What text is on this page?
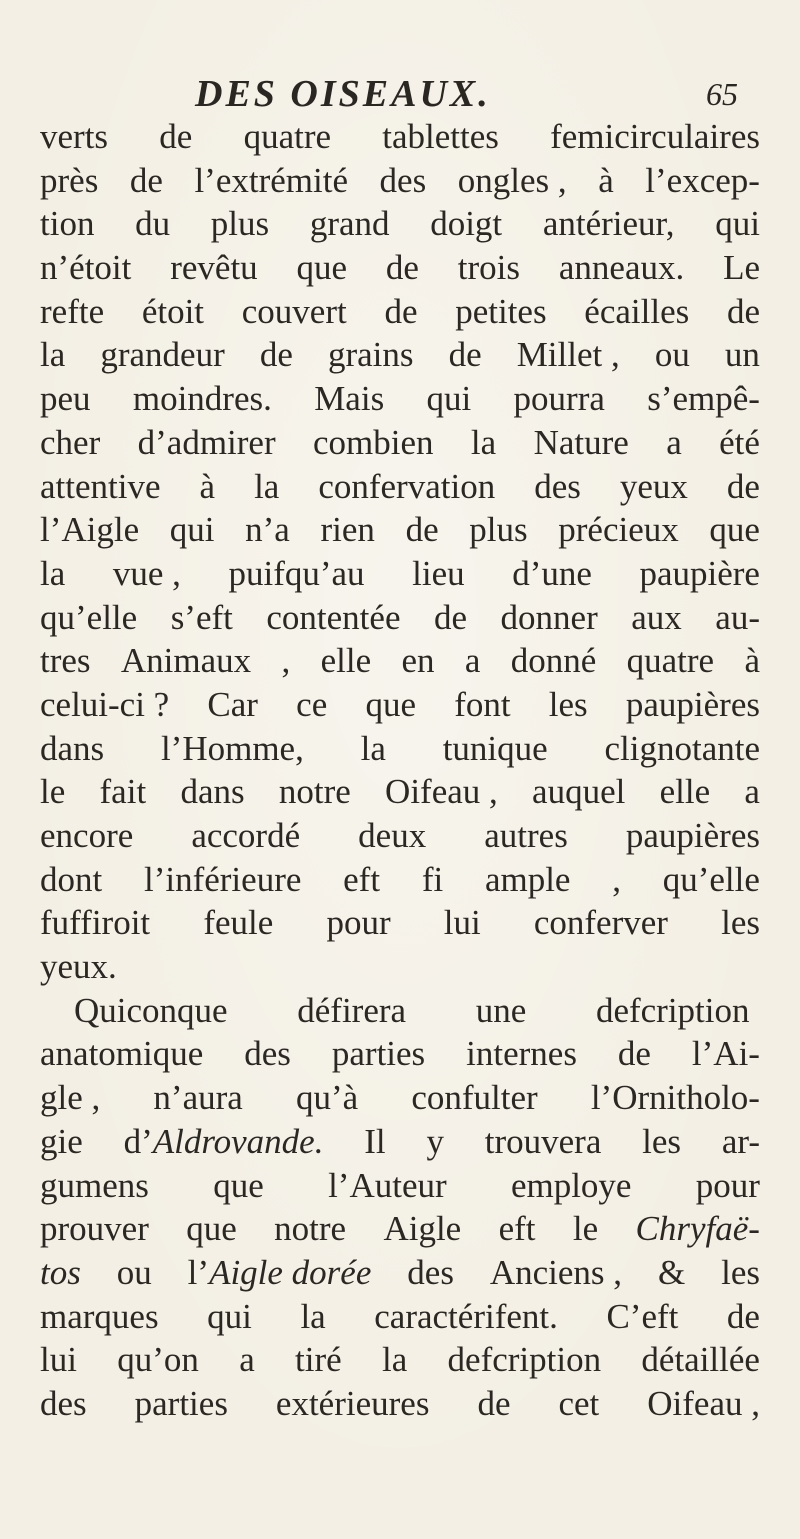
DES OISEAUX.	65
verts de quatre tablettes femicirculaires
près de l’extrémité des ongles , à l’excep-
tion du plus grand doigt antérieur, qui
n’étoit revêtu que de trois anneaux. Le
refte étoit couvert de petites écailles de
la grandeur de grains de Millet , ou un
peu moindres. Mais qui pourra s’empê-
cher d’admirer combien la Nature a été
attentive à la confervation des yeux de
l’Aigle qui n’a rien de plus précieux que
la vue , puifqu’au lieu d’une paupière
qu’elle s’eft contentée de donner aux au-
tres Animaux , elle en a donné quatre à
celui-ci ? Car ce que font les paupières
dans l’Homme, la tunique clignotante
le fait dans notre Oifeau , auquel elle a
encore accordé deux autres paupières
dont l’inférieure eft fi ample , qu’elle
fuffiroit feule pour lui conferver les
yeux.
Quiconque défirera une defcription
anatomique des parties internes de l’Ai-
gle , n’aura qu’à confulter l’Ornitholo-
gie d’Aldrovande. Il y trouvera les ar-
gumens que l’Auteur employe pour
prouver que notre Aigle eft le Chryfaë-
tos ou l’Aigle dorée des Anciens , & les
marques qui la caractérifent. C’eft de
lui qu’on a tiré la defcription détaillée
des parties extérieures de cet Oifeau ,
